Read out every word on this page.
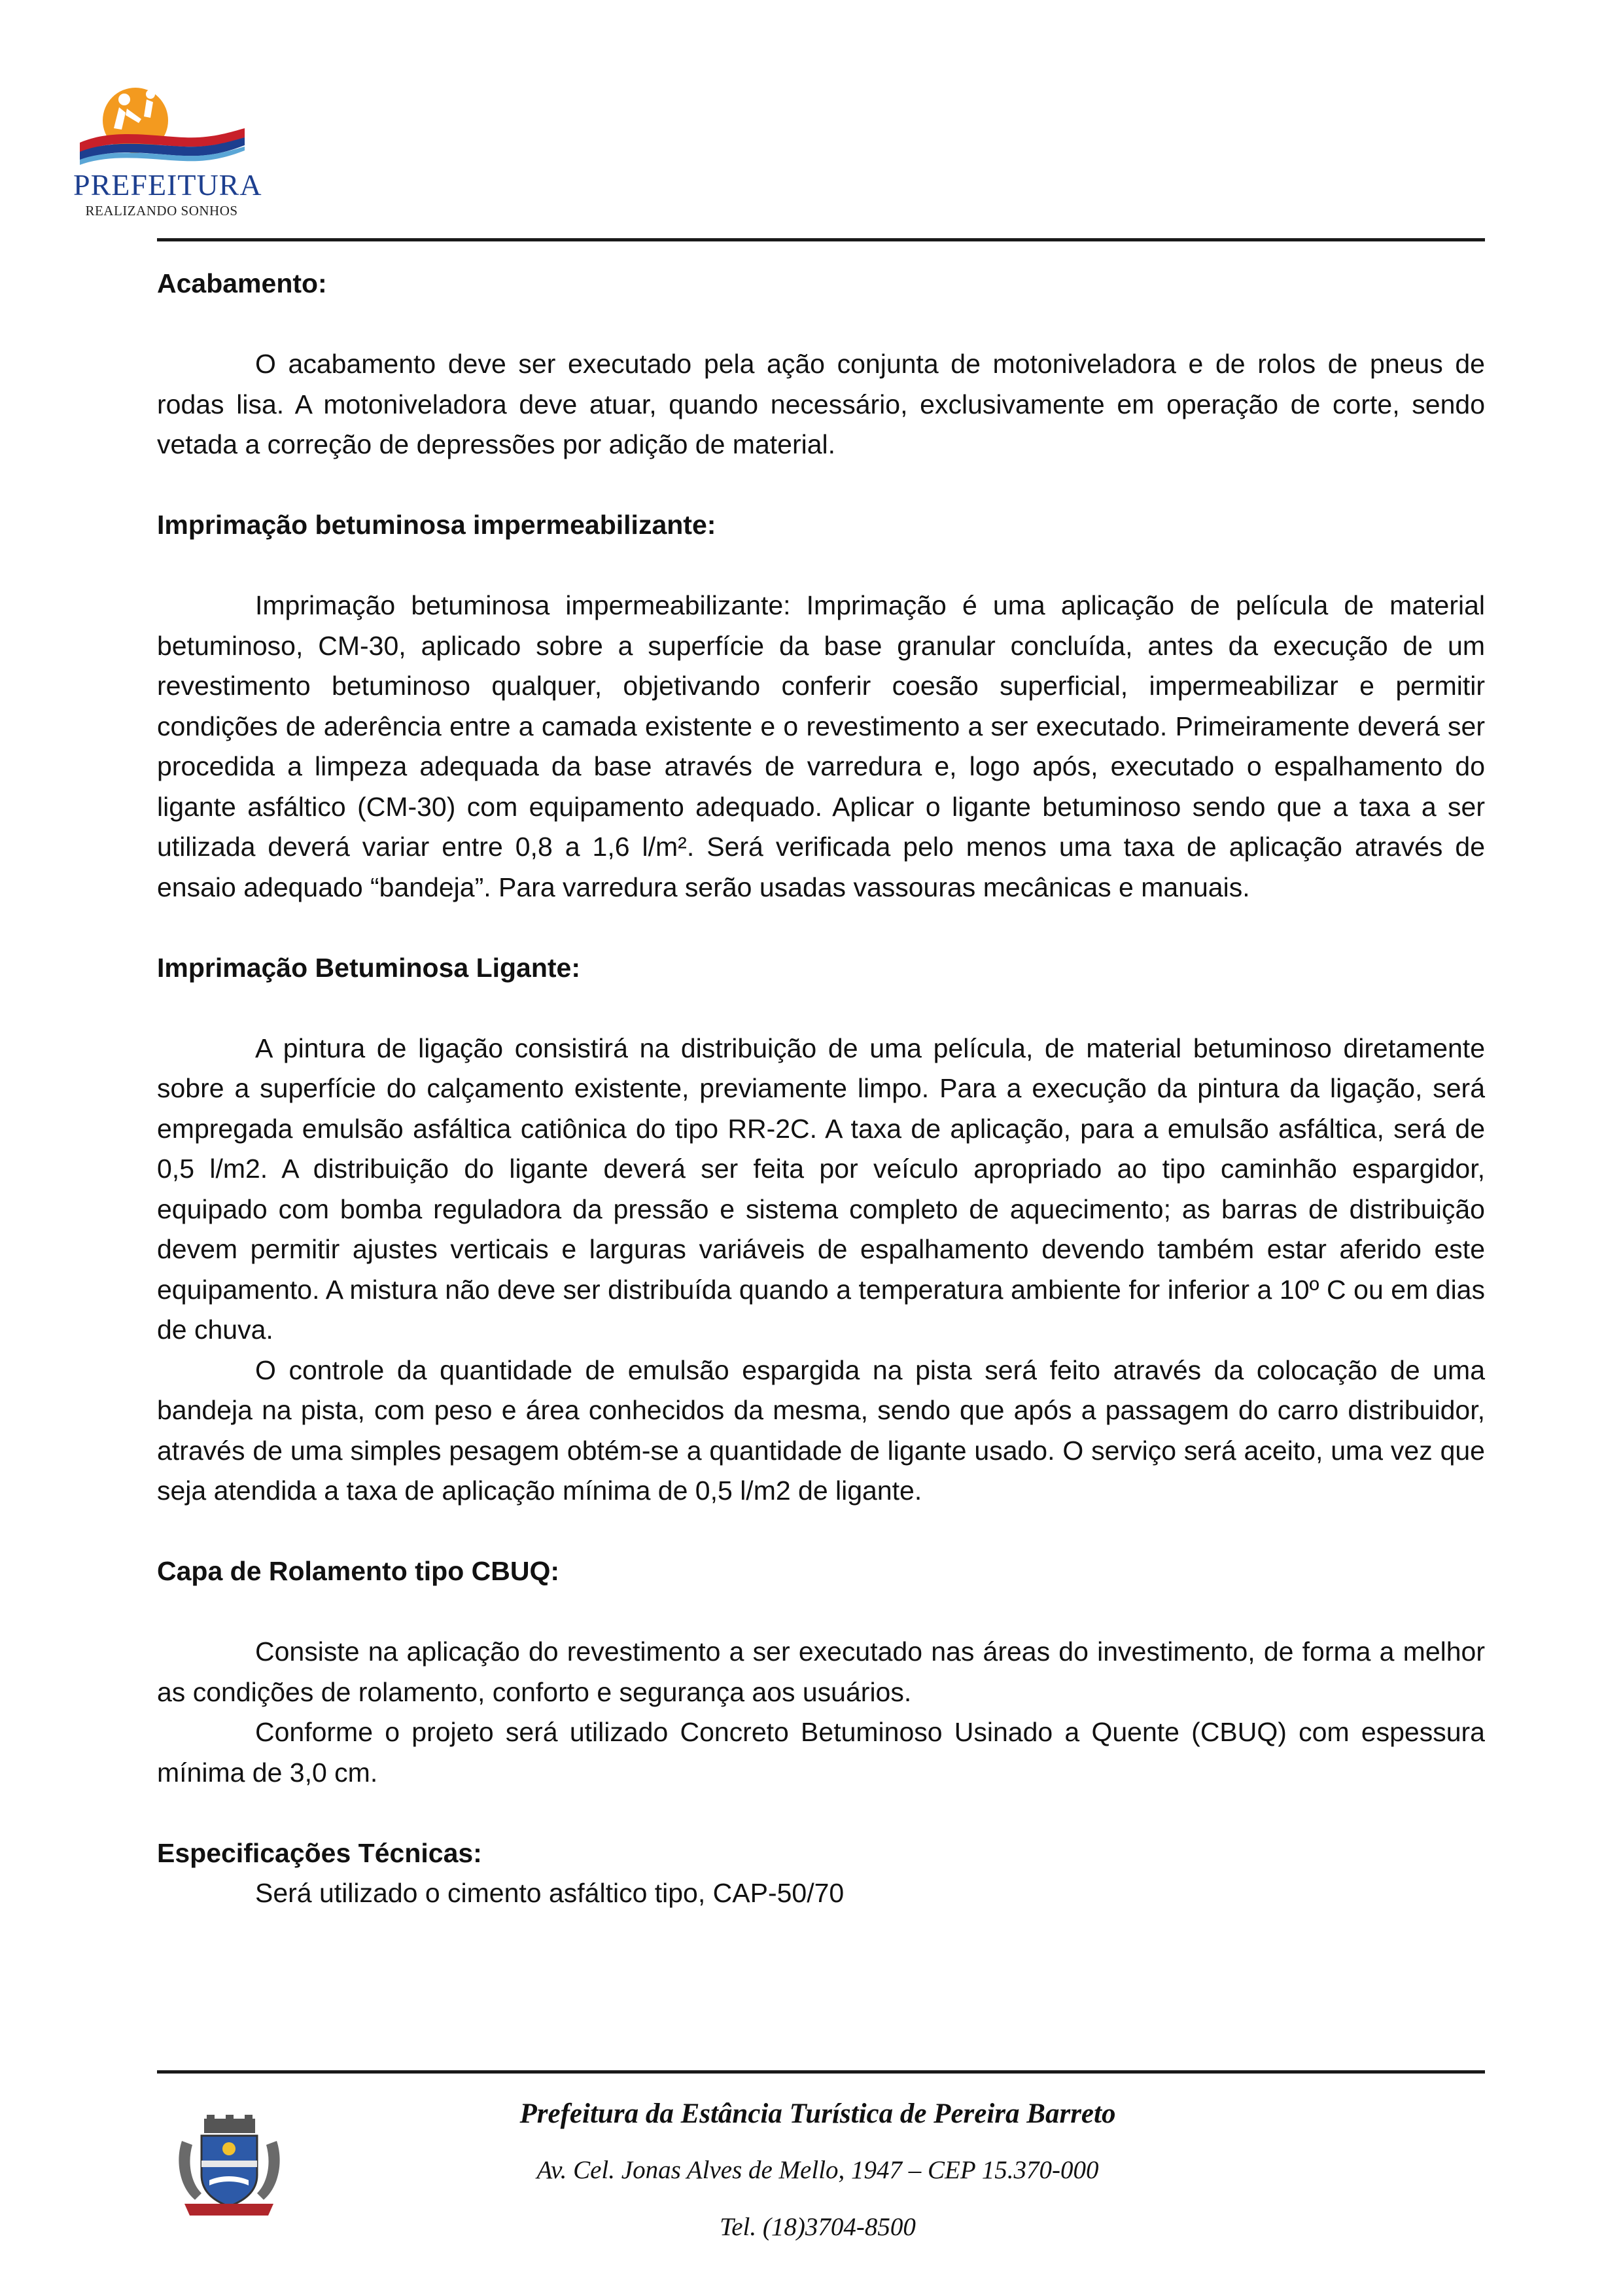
PREFEITURA
REALIZANDO SONHOS
Acabamento:

O acabamento deve ser executado pela ação conjunta de motoniveladora e de rolos de pneus de rodas lisa. A motoniveladora deve atuar, quando necessário, exclusivamente em operação de corte, sendo vetada a correção de depressões por adição de material.

Imprimação betuminosa impermeabilizante:

Imprimação betuminosa impermeabilizante: Imprimação é uma aplicação de película de material betuminoso, CM-30, aplicado sobre a superfície da base granular concluída, antes da execução de um revestimento betuminoso qualquer, objetivando conferir coesão superficial, impermeabilizar e permitir condições de aderência entre a camada existente e o revestimento a ser executado. Primeiramente deverá ser procedida a limpeza adequada da base através de varredura e, logo após, executado o espalhamento do ligante asfáltico (CM-30) com equipamento adequado. Aplicar o ligante betuminoso sendo que a taxa a ser utilizada deverá variar entre 0,8 a 1,6 l/m². Será verificada pelo menos uma taxa de aplicação através de ensaio adequado “bandeja”. Para varredura serão usadas vassouras mecânicas e manuais.

Imprimação Betuminosa Ligante:

A pintura de ligação consistirá na distribuição de uma película, de material betuminoso diretamente sobre a superfície do calçamento existente, previamente limpo. Para a execução da pintura da ligação, será empregada emulsão asfáltica catiônica do tipo RR-2C. A taxa de aplicação, para a emulsão asfáltica, será de 0,5 l/m2. A distribuição do ligante deverá ser feita por veículo apropriado ao tipo caminhão espargidor, equipado com bomba reguladora da pressão e sistema completo de aquecimento; as barras de distribuição devem permitir ajustes verticais e larguras variáveis de espalhamento devendo também estar aferido este equipamento. A mistura não deve ser distribuída quando a temperatura ambiente for inferior a 10º C ou em dias de chuva.

O controle da quantidade de emulsão espargida na pista será feito através da colocação de uma bandeja na pista, com peso e área conhecidos da mesma, sendo que após a passagem do carro distribuidor, através de uma simples pesagem obtém-se a quantidade de ligante usado. O serviço será aceito, uma vez que seja atendida a taxa de aplicação mínima de 0,5 l/m2 de ligante.

Capa de Rolamento tipo CBUQ:

Consiste na aplicação do revestimento a ser executado nas áreas do investimento, de forma a melhor as condições de rolamento, conforto e segurança aos usuários.

Conforme o projeto será utilizado Concreto Betuminoso Usinado a Quente (CBUQ) com espessura mínima de 3,0 cm.

Especificações Técnicas:

Será utilizado o cimento asfáltico tipo, CAP-50/70

Prefeitura da Estância Turística de Pereira Barreto
Av. Cel. Jonas Alves de Mello, 1947 – CEP 15.370-000
Tel. (18)3704-8500
